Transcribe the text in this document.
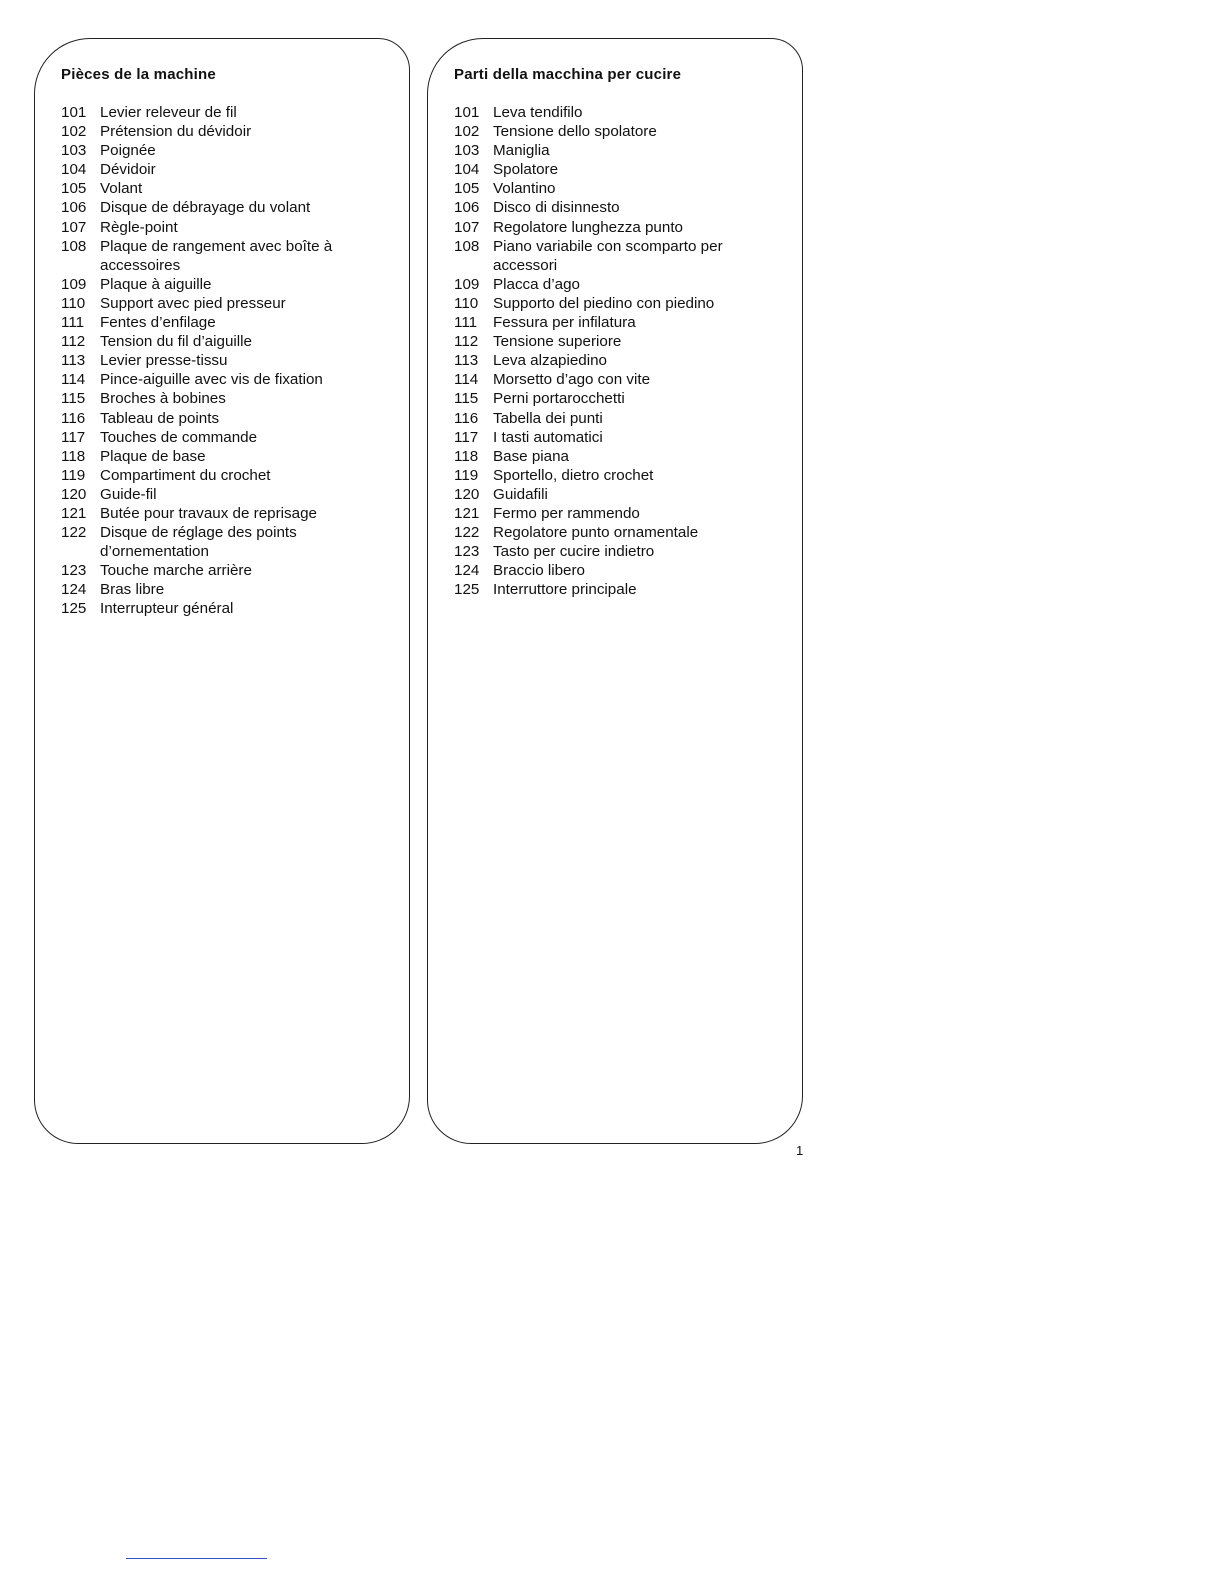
Pièces de la machine
101 Levier releveur de fil
102 Prétension du dévidoir
103 Poignée
104 Dévidoir
105 Volant
106 Disque de débrayage du volant
107 Règle-point
108 Plaque de rangement avec boîte à accessoires
109 Plaque à aiguille
110 Support avec pied presseur
111	Fentes d’enfilage
112 Tension du fil d’aiguille
113 Levier presse-tissu
114 Pince-aiguille avec vis de fixation
115 Broches à bobines
116 Tableau de points
117 Touches de commande
118 Plaque de base
119 Compartiment du crochet
120 Guide-fil
121 Butée pour travaux de reprisage
122 Disque de réglage des points d’ornementation
123 Touche marche arrière
124 Bras libre
125 Interrupteur général
Parti della macchina per cucire
101 Leva tendifilo
102 Tensione dello spolatore
103 Maniglia
104 Spolatore
105 Volantino
106 Disco di disinnesto
107 Regolatore lunghezza punto
108 Piano variabile con scomparto per accessori
109 Placca d’ago
110 Supporto del piedino con piedino
111	Fessura per infilatura
112 Tensione superiore
113 Leva alzapiedino
114 Morsetto d’ago con vite
115 Perni portarocchetti
116 Tabella dei punti
117 I tasti automatici
118 Base piana
119 Sportello, dietro crochet
120 Guidafili
121 Fermo per rammendo
122 Regolatore punto ornamentale
123 Tasto per cucire indietro
124 Braccio libero
125 Interruttore principale
1
